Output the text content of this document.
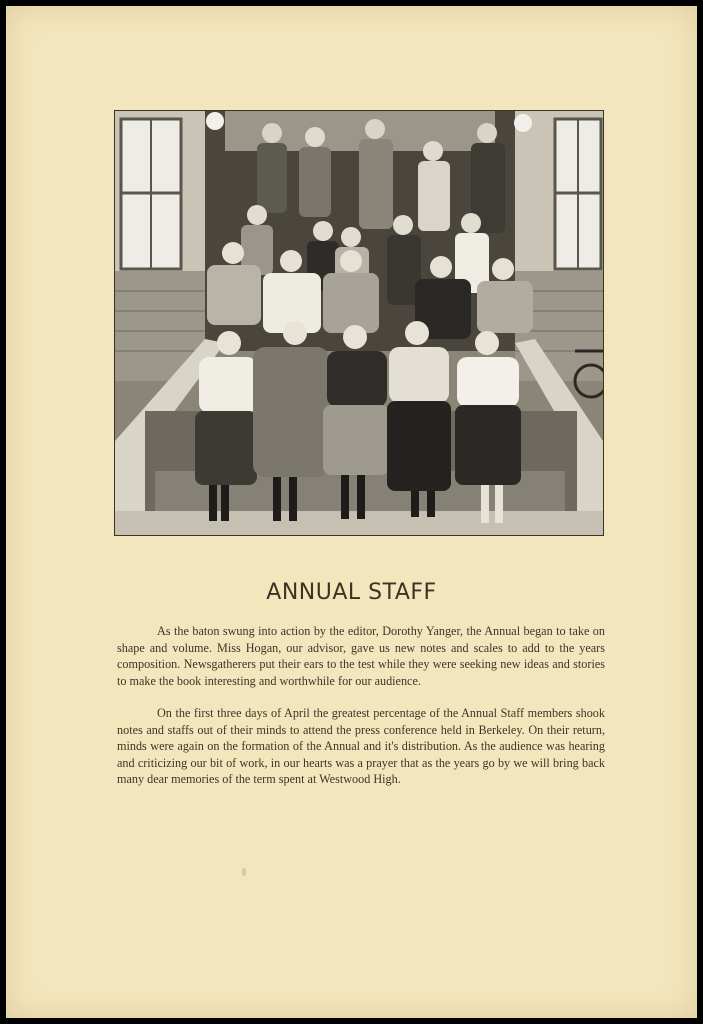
ANNUAL STAFF

As the baton swung into action by the editor, Dorothy Yanger, the Annual began to take on shape and volume. Miss Hogan, our advisor, gave us new notes and scales to add to the years composition. Newsgatherers put their ears to the test while they were seeking new ideas and stories to make the book interesting and worthwhile for our audience.

On the first three days of April the greatest percentage of the Annual Staff members shook notes and staffs out of their minds to attend the press conference held in Berkeley. On their return, minds were again on the formation of the Annual and it's distribution. As the audience was hearing and criticizing our bit of work, in our hearts was a prayer that as the years go by we will bring back many dear memories of the term spent at Westwood High.
